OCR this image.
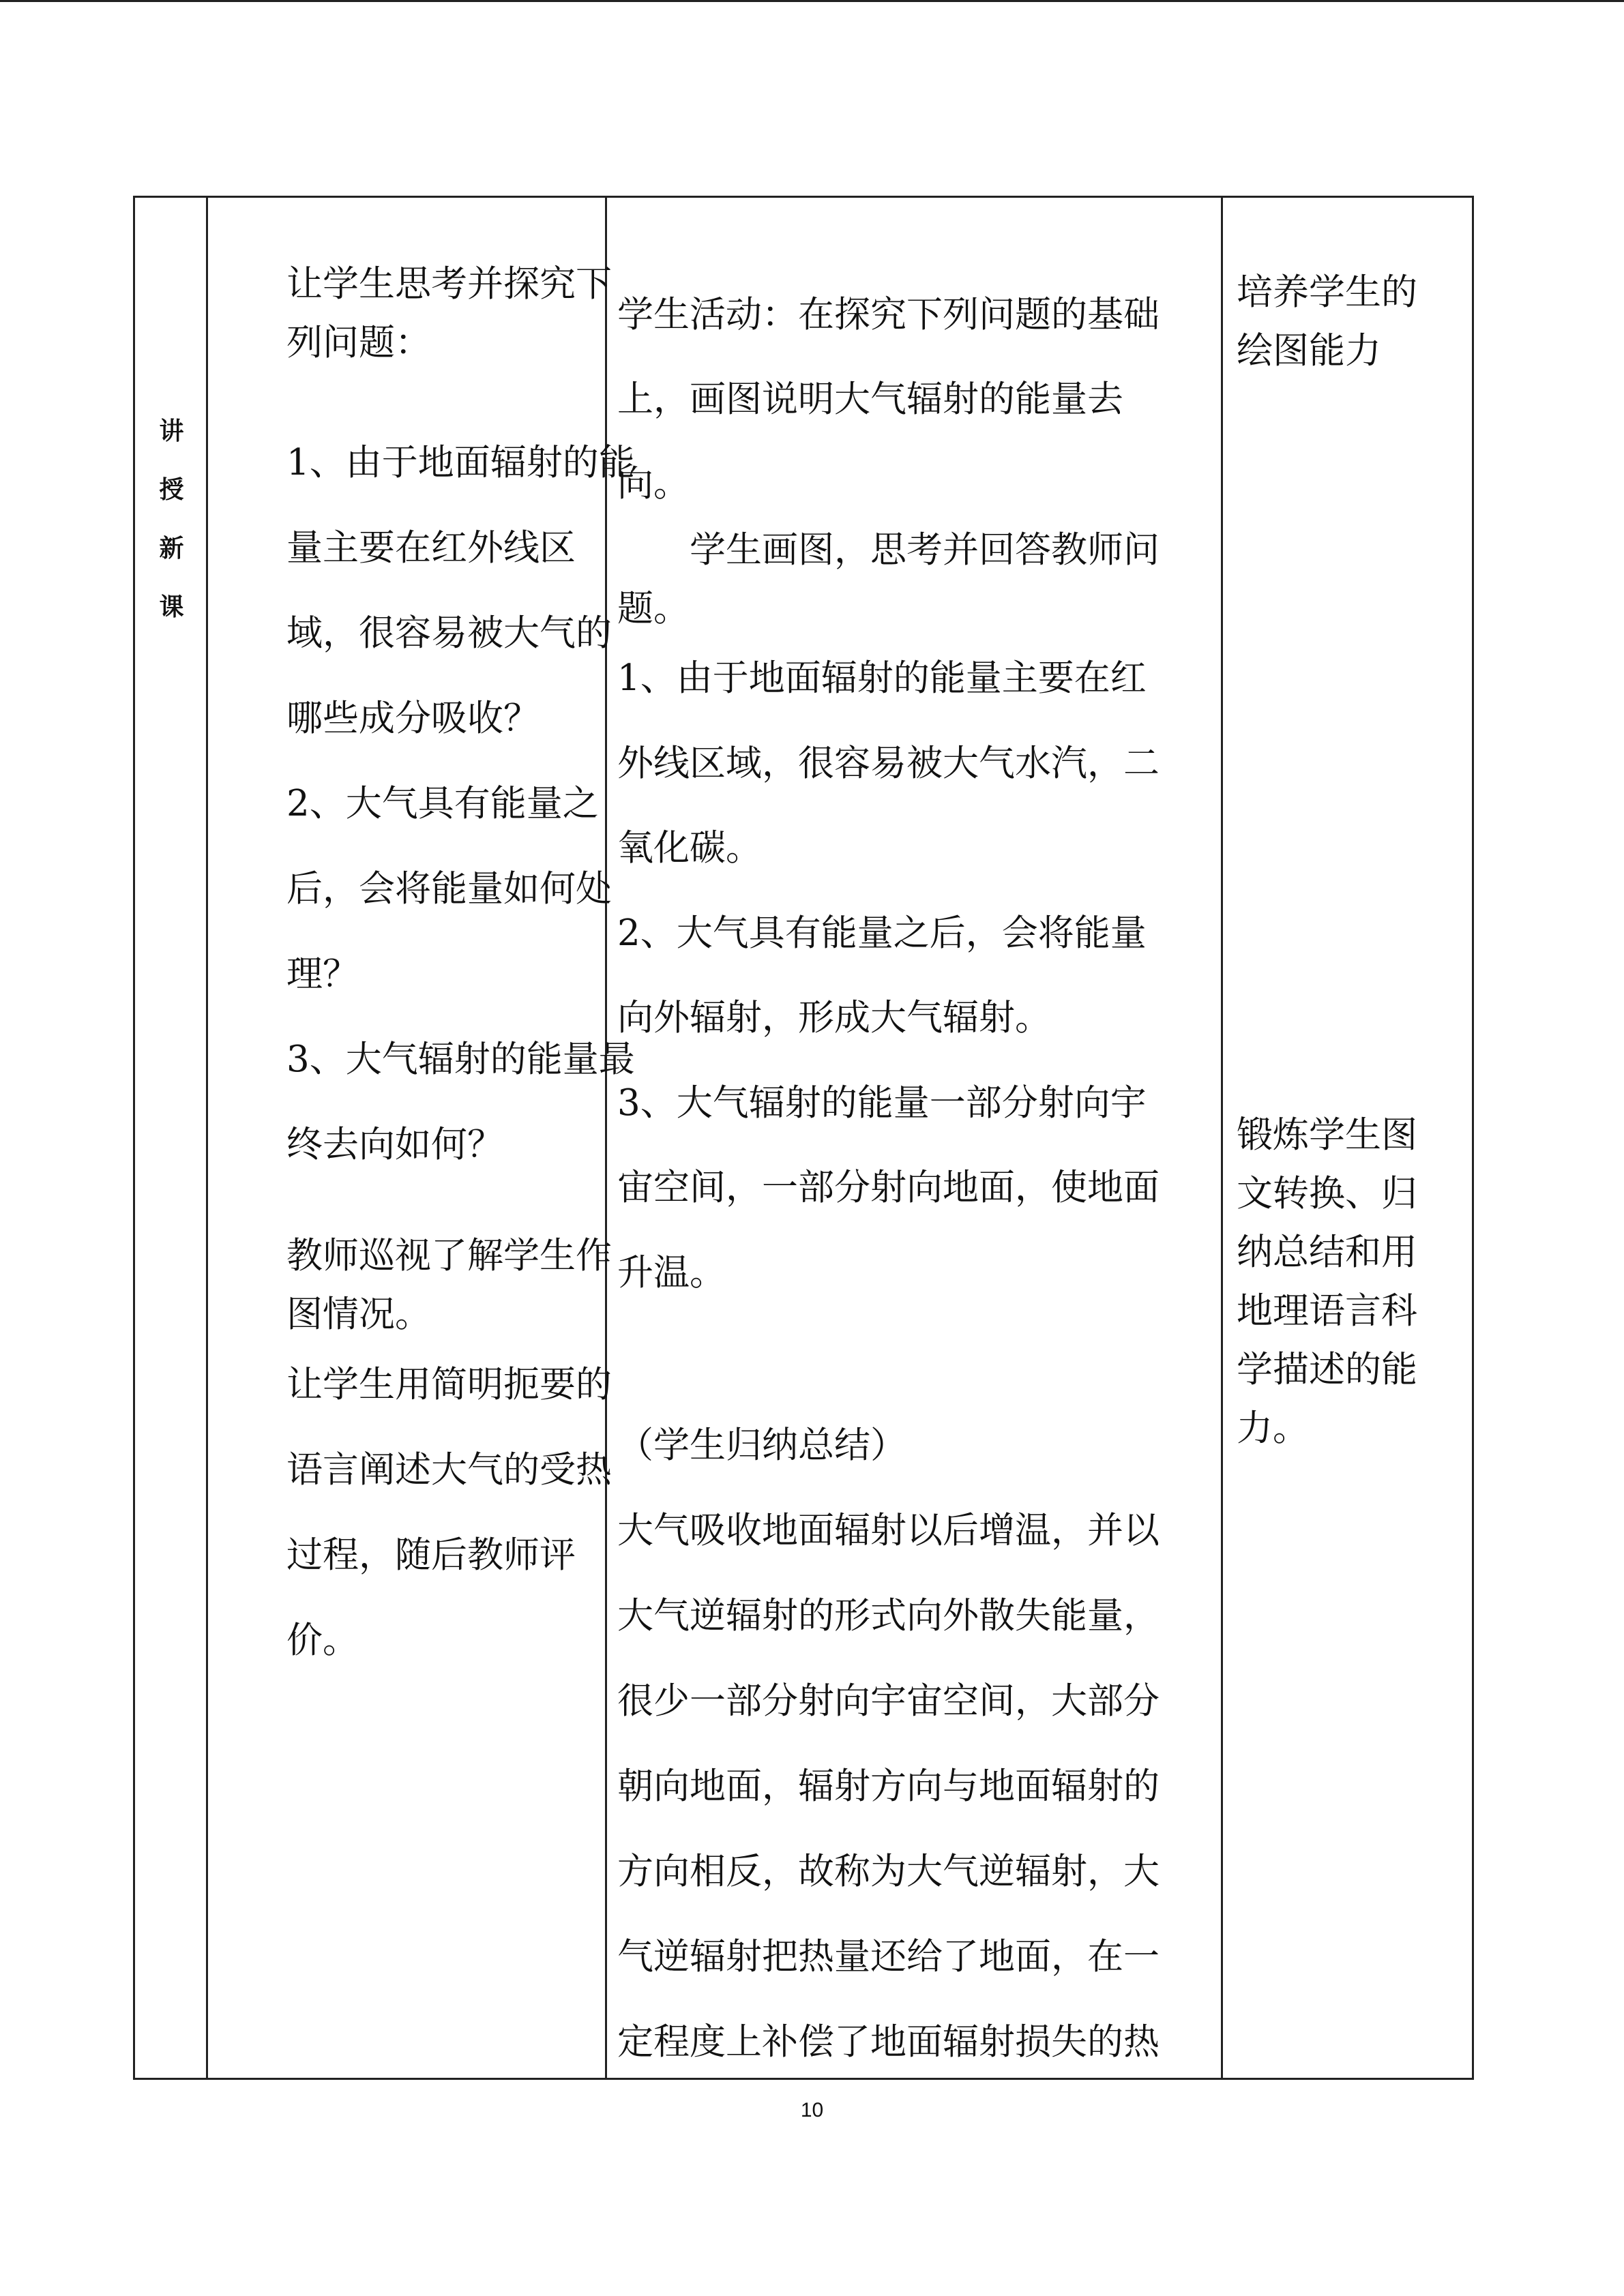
讲
授
新
课
让学生思考并探究下
列问题：
1、由于地面辐射的能
量主要在红外线区
域，很容易被大气的
哪些成分吸收？
2、大气具有能量之
后，会将能量如何处
理？
3、大气辐射的能量最
终去向如何？
教师巡视了解学生作
图情况。
让学生用简明扼要的
语言阐述大气的受热
过程，随后教师评
价。
学生活动：在探究下列问题的基础
上，画图说明大气辐射的能量去
向。
　　学生画图，思考并回答教师问
题。
1、由于地面辐射的能量主要在红
外线区域，很容易被大气水汽，二
氧化碳。
2、大气具有能量之后，会将能量
向外辐射，形成大气辐射。
3、大气辐射的能量一部分射向宇
宙空间，一部分射向地面，使地面
升温。
（学生归纳总结）
大气吸收地面辐射以后增温，并以
大气逆辐射的形式向外散失能量，
很少一部分射向宇宙空间，大部分
朝向地面，辐射方向与地面辐射的
方向相反，故称为大气逆辐射，大
气逆辐射把热量还给了地面，在一
定程度上补偿了地面辐射损失的热
培养学生的
绘图能力
锻炼学生图
文转换、归
纳总结和用
地理语言科
学描述的能
力。
10
